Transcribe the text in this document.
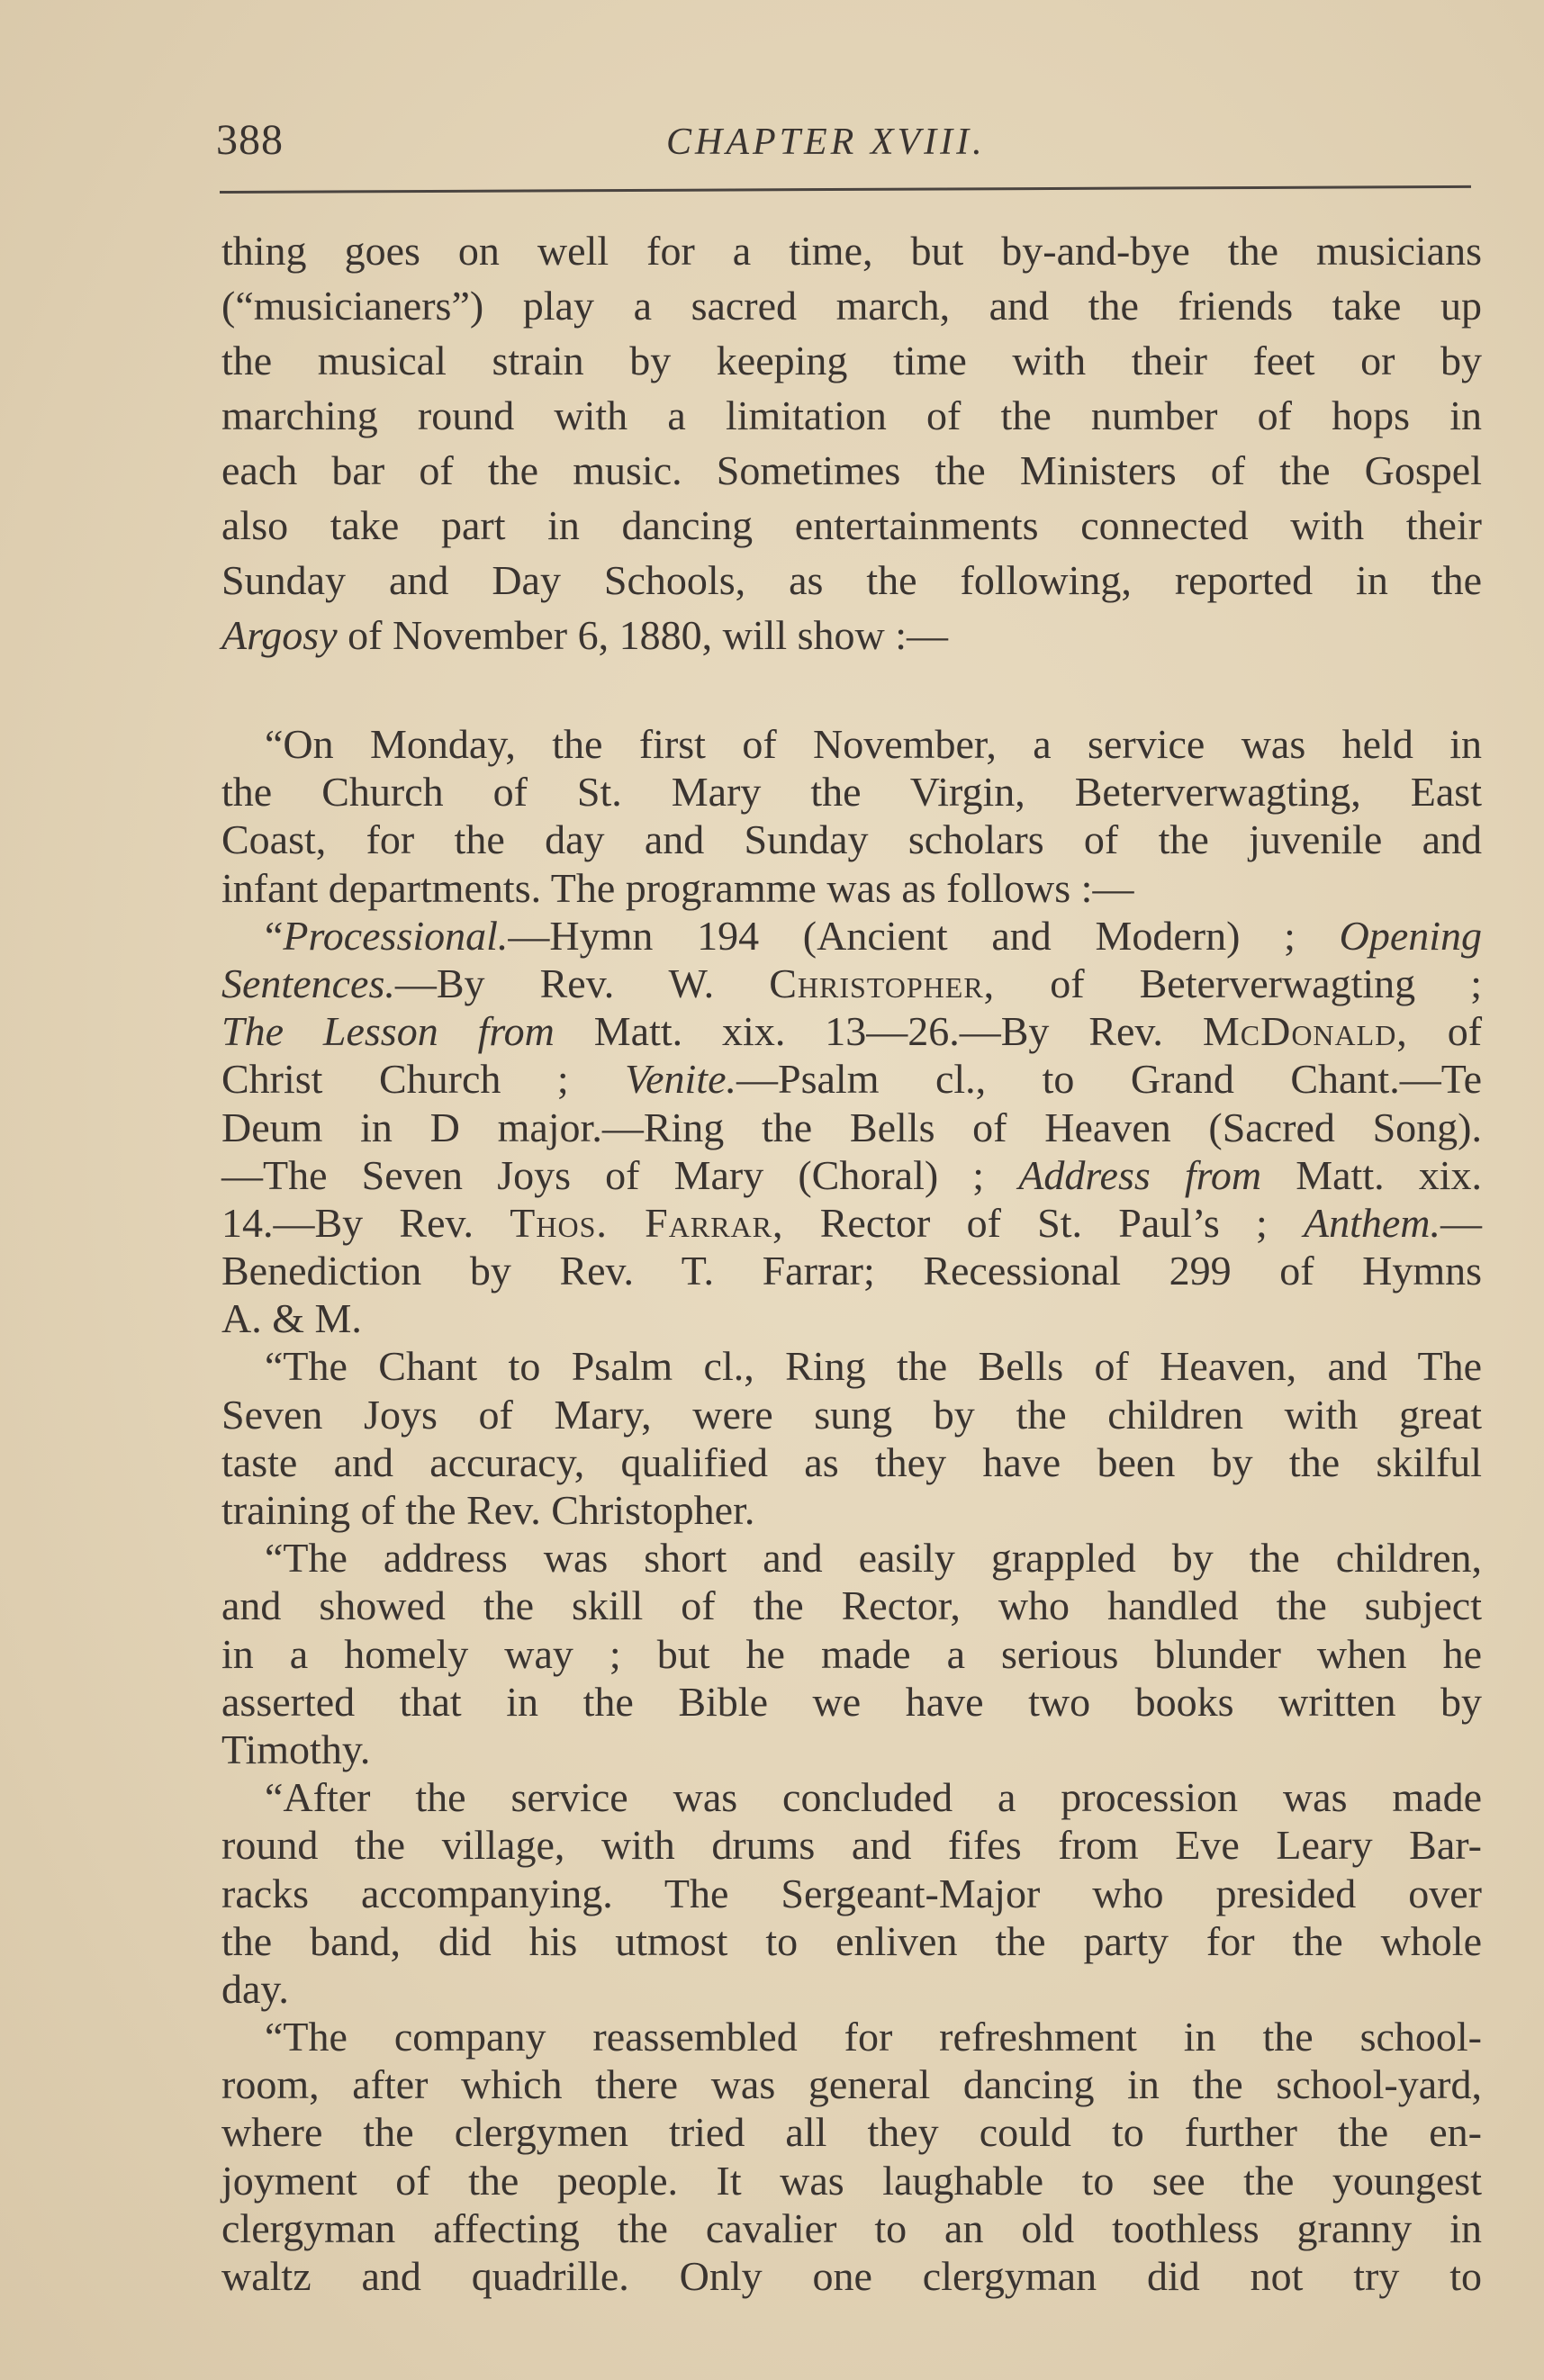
388	CHAPTER XVIII.
thing goes on well for a time, but by-and-bye the musicians
(“musicianers”) play a sacred march, and the friends take up
the musical strain by keeping time with their feet or by
marching round with a limitation of the number of hops in
each bar of the music. Sometimes the Ministers of the Gospel
also take part in dancing entertainments connected with their
Sunday and Day Schools, as the following, reported in the
Argosy of November 6, 1880, will show :—
“On Monday, the first of November, a service was held in
the Church of St. Mary the Virgin, Beterverwagting, East
Coast, for the day and Sunday scholars of the juvenile and
infant departments. The programme was as follows :—
“Processional.—Hymn 194 (Ancient and Modern) ; Opening
Sentences.—By Rev. W. Christopher, of Beterverwagting ;
The Lesson from Matt. xix. 13—26.—By Rev. McDonald, of
Christ Church ; Venite.—Psalm cl., to Grand Chant.—Te
Deum in D major.—Ring the Bells of Heaven (Sacred Song).
—The Seven Joys of Mary (Choral) ; Address from Matt. xix.
14.—By Rev. Thos. Farrar, Rector of St. Paul’s ; Anthem.—
Benediction by Rev. T. Farrar; Recessional 299 of Hymns
A. & M.
“The Chant to Psalm cl., Ring the Bells of Heaven, and The
Seven Joys of Mary, were sung by the children with great
taste and accuracy, qualified as they have been by the skilful
training of the Rev. Christopher.
“The address was short and easily grappled by the children,
and showed the skill of the Rector, who handled the subject
in a homely way ; but he made a serious blunder when he
asserted that in the Bible we have two books written by
Timothy.
“After the service was concluded a procession was made
round the village, with drums and fifes from Eve Leary Bar-
racks accompanying. The Sergeant-Major who presided over
the band, did his utmost to enliven the party for the whole
day.
“The company reassembled for refreshment in the school-
room, after which there was general dancing in the school-yard,
where the clergymen tried all they could to further the en-
joyment of the people. It was laughable to see the youngest
clergyman affecting the cavalier to an old toothless granny in
waltz and quadrille. Only one clergyman did not try to
